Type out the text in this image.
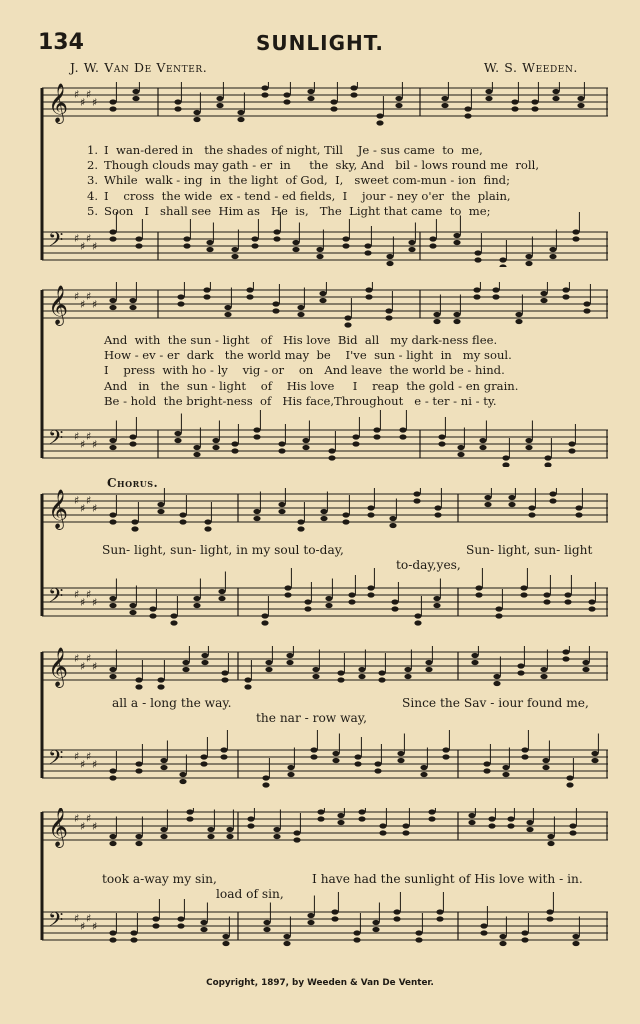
134	SUNLIGHT.
J. W. Van De Venter.	W. S. Weeden.
𝄞 ♯
♯
♯
♯
𝄢 ♯
♯
♯
♯
1. I  wan-dered in   the shades of night, Till    Je - sus came  to  me,
2. Though clouds may gath - er  in     the  sky, And   bil - lows round me  roll,
3. While  walk - ing  in  the light  of God,  I,   sweet com-mun - ion  find;
4. I    cross  the wide  ex - tend - ed fields,  I    jour - ney o'er  the  plain,
5. Soon   I   shall see  Him as   He  is,   The  Light that came  to  me;
𝄞 ♯
♯
♯
♯
𝄢 ♯
♯
♯
♯
And  with  the sun - light   of   His love  Bid  all   my dark-ness flee.
How - ev - er  dark   the world may  be    I've  sun - light  in   my soul.
I    press  with ho - ly    vig - or    on   And leave  the world be - hind.
And   in   the  sun - light    of    His love     I    reap  the gold - en grain.
Be - hold  the bright-ness  of   His face,Throughout   e - ter - ni - ty.
Chorus.
𝄞 ♯
♯
♯
♯
𝄢 ♯
♯
♯
♯
Sun- light, sun- light, in my soul to-day,	Sun- light, sun- light
to-day,yes,
𝄞 ♯
♯
♯
♯
𝄢 ♯
♯
♯
♯
all a - long the way.	Since the Sav - iour found me,
the nar - row way,
𝄞 ♯
♯
♯
♯
𝄢 ♯
♯
♯
♯
took a-way my sin,	I have had the sunlight of His love with - in.
load of sin,
Copyright, 1897, by Weeden & Van De Venter.
